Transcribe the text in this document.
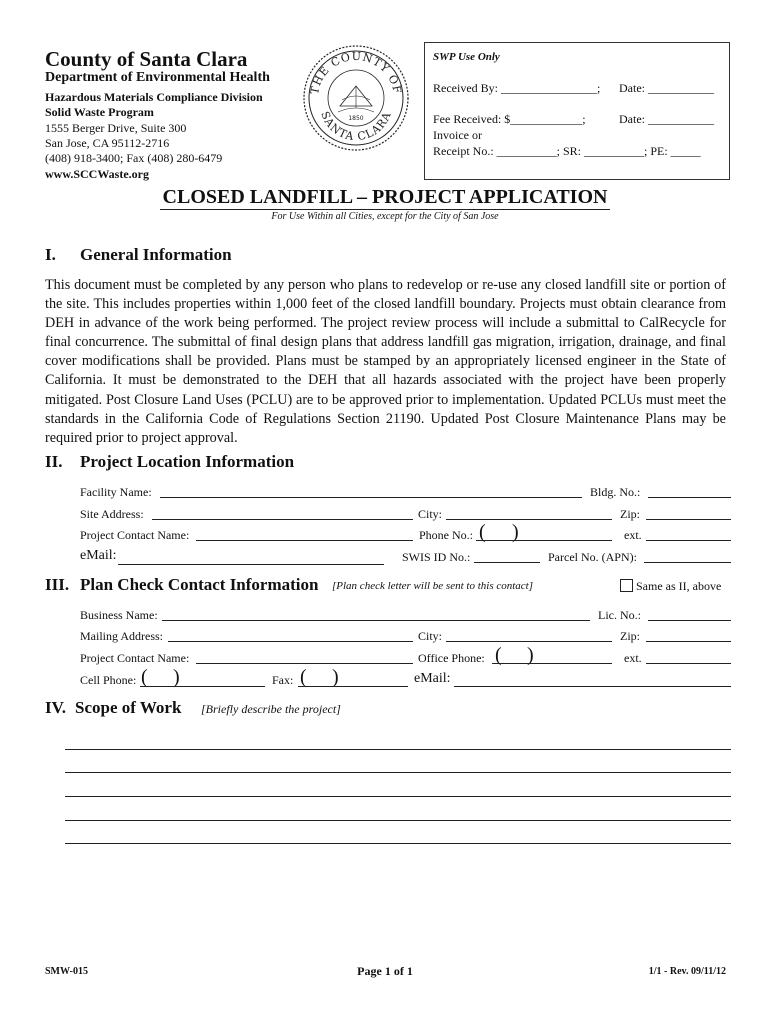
County of Santa Clara
Department of Environmental Health
Hazardous Materials Compliance Division
Solid Waste Program
1555 Berger Drive, Suite 300
San Jose, CA 95112-2716
(408) 918-3400; Fax (408) 280-6479
www.SCCWaste.org
THE COUNTY OF
SANTA CLARA
1850
SWP Use Only
Received By: ________________; Date: ___________
Fee Received: $____________;	Date: ___________
Invoice or
Receipt No.: __________; SR: __________; PE: _____
CLOSED LANDFILL – PROJECT APPLICATION
For Use Within all Cities, except for the City of San Jose
I. General Information
This document must be completed by any person who plans to redevelop or re-use any closed landfill site or portion of the site. This includes properties within 1,000 feet of the closed landfill boundary. Projects must obtain clearance from DEH in advance of the work being performed. The project review process will include a submittal to CalRecycle for final concurrence. The submittal of final design plans that address landfill gas migration, irrigation, drainage, and final cover modifications shall be provided. Plans must be stamped by an appropriately licensed engineer in the State of California. It must be demonstrated to the DEH that all hazards associated with the project have been properly mitigated. Post Closure Land Uses (PCLU) are to be approved prior to implementation. Updated PCLUs must meet the standards in the California Code of Regulations Section 21190. Updated Post Closure Maintenance Plans may be required prior to project approval.
II. Project Location Information
Facility Name:	Bldg. No.:
Site Address:	City:	Zip:
Project Contact Name:	Phone No.: ( )	ext.
eMail:	SWIS ID No.:	Parcel No. (APN):
III. Plan Check Contact Information [Plan check letter will be sent to this contact]	Same as II, above
Business Name:	Lic. No.:
Mailing Address:	City:	Zip:
Project Contact Name:	Office Phone: ( )	ext.
Cell Phone: ( )	Fax: ( )	eMail:
IV. Scope of Work [Briefly describe the project]
SMW-015	Page 1 of 1	1/1 - Rev. 09/11/12
